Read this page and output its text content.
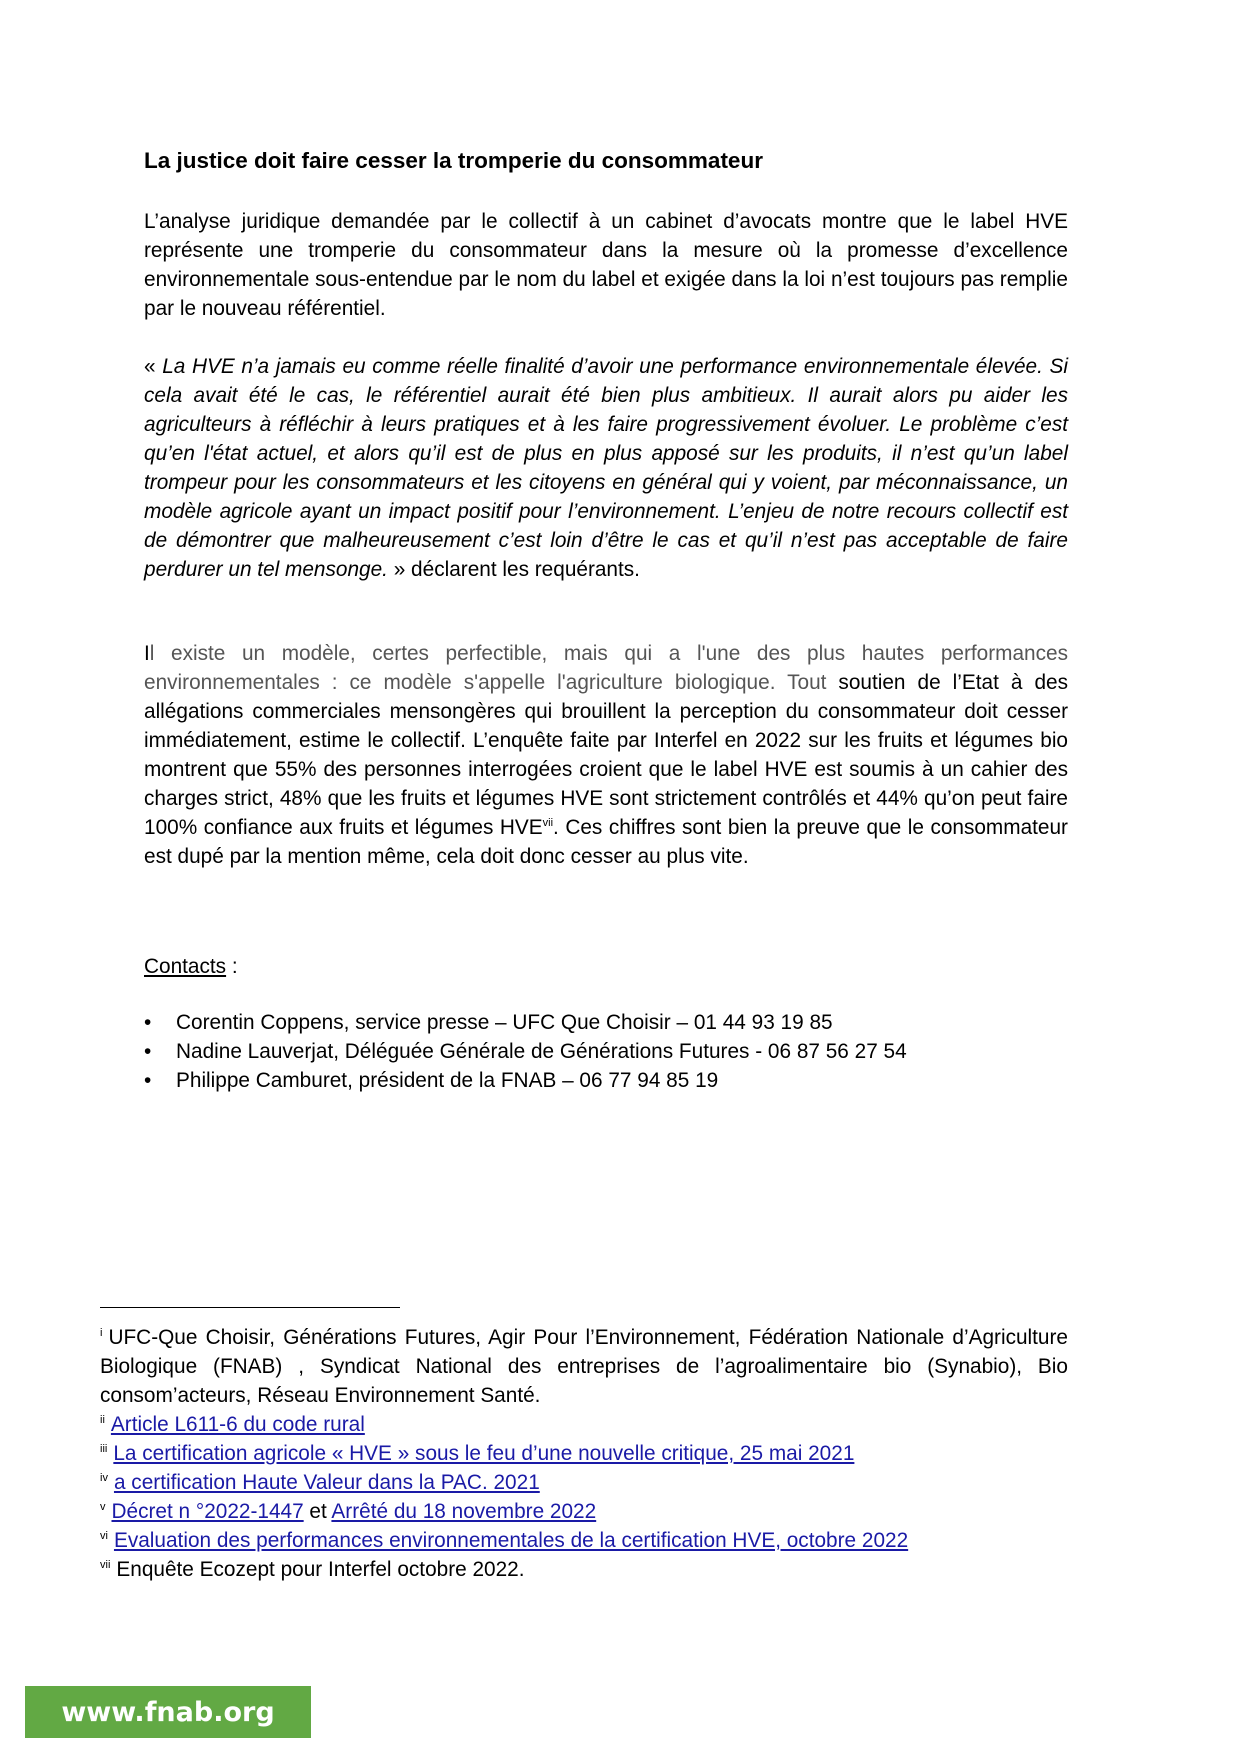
La justice doit faire cesser la tromperie du consommateur

L’analyse juridique demandée par le collectif à un cabinet d’avocats montre que le label HVE représente une tromperie du consommateur dans la mesure où la promesse d’excellence environnementale sous-entendue par le nom du label et exigée dans la loi n’est toujours pas remplie par le nouveau référentiel.

« La HVE n’a jamais eu comme réelle finalité d’avoir une performance environnementale élevée. Si cela avait été le cas, le référentiel aurait été bien plus ambitieux. Il aurait alors pu aider les agriculteurs à réfléchir à leurs pratiques et à les faire progressivement évoluer. Le problème c’est qu’en l'état actuel, et alors qu’il est de plus en plus apposé sur les produits, il n’est qu’un label trompeur pour les consommateurs et les citoyens en général qui y voient, par méconnaissance, un modèle agricole ayant un impact positif pour l’environnement. L’enjeu de notre recours collectif est de démontrer que malheureusement c’est loin d’être le cas et qu’il n’est pas acceptable de faire perdurer un tel mensonge. » déclarent les requérants.

Il existe un modèle, certes perfectible, mais qui a l'une des plus hautes performances environnementales : ce modèle s'appelle l'agriculture biologique. Tout soutien de l’Etat à des allégations commerciales mensongères qui brouillent la perception du consommateur doit cesser immédiatement, estime le collectif. L’enquête faite par Interfel en 2022 sur les fruits et légumes bio montrent que 55% des personnes interrogées croient que le label HVE est soumis à un cahier des charges strict, 48% que les fruits et légumes HVE sont strictement contrôlés et 44% qu’on peut faire 100% confiance aux fruits et légumes HVE$^{vii}$. Ces chiffres sont bien la preuve que le consommateur est dupé par la mention même, cela doit donc cesser au plus vite.

Contacts :

• Corentin Coppens, service presse – UFC Que Choisir – 01 44 93 19 85
• Nadine Lauverjat, Déléguée Générale de Générations Futures - 06 87 56 27 54
• Philippe Camburet, président de la FNAB – 06 77 94 85 19

$^i$ UFC-Que Choisir, Générations Futures, Agir Pour l’Environnement, Fédération Nationale d’Agriculture Biologique (FNAB) , Syndicat National des entreprises de l’agroalimentaire bio (Synabio), Bio consom’acteurs, Réseau Environnement Santé.

$^{ii}$ Article L611-6 du code rural

$^{iii}$ La certification agricole « HVE » sous le feu d’une nouvelle critique, 25 mai 2021

$^{iv}$ a certification Haute Valeur dans la PAC. 2021

$^v$ Décret n °2022-1447 et Arrêté du 18 novembre 2022

$^{vi}$ Evaluation des performances environnementales de la certification HVE, octobre 2022

$^{vii}$ Enquête Ecozept pour Interfel octobre 2022.

www.fnab.org
